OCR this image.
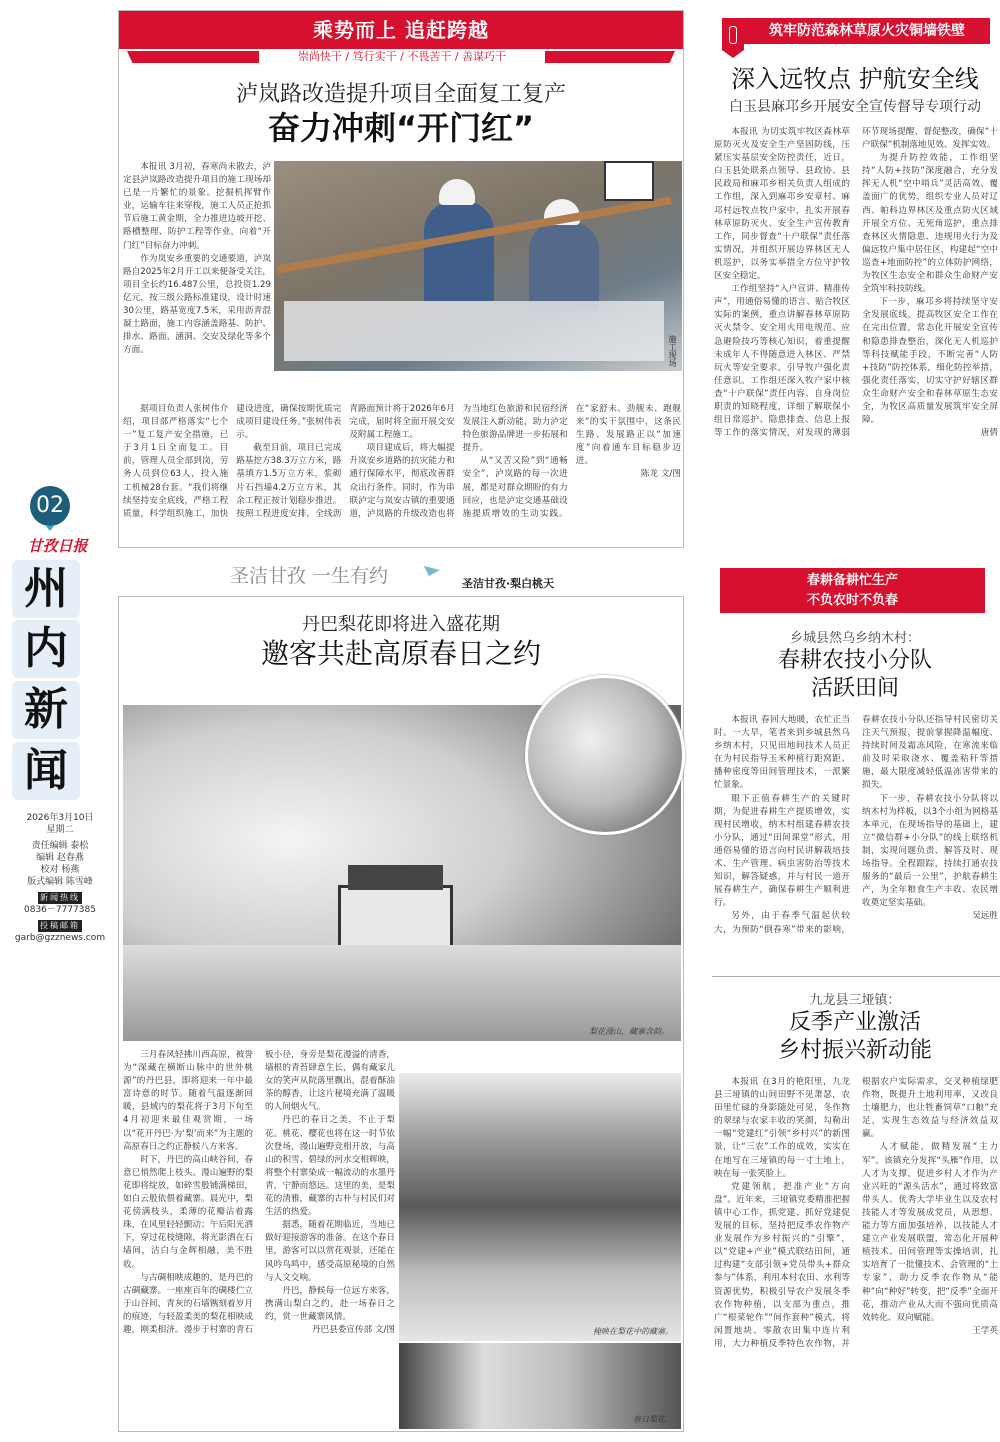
02
甘孜日报
州
内
新
闻
2026年3月10日
星期二
责任编辑 泰松
编辑 赵春燕
校对 杨燕
版式编辑 陈雪峰
新闻热线
0836－7777385
投稿邮箱
garb@gzznews.com
乘势而上 追赶跨越
崇尚快干 / 笃行实干 / 不畏苦干 / 善谋巧干
泸岚路改造提升项目全面复工复产
奋力冲刺“开门红”

本报讯 3月初，春寒尚未散去，泸定县泸岚路改造提升项目的施工现场却已是一片繁忙的景象。挖掘机挥臂作业，运输车往来穿梭，施工人员正抢抓节后施工黄金期，全力推进边坡开挖、路槽整理、防护工程等作业，向着“开门红”目标奋力冲刺。

作为岚安乡重要的交通要道，泸岚路自2025年2月开工以来便备受关注，项目全长约16.487公里，总投资1.29亿元，按三级公路标准建设，设计时速30公里，路基宽度7.5米，采用沥青混凝土路面，施工内容涵盖路基、防护、排水、路面、涵洞、交安及绿化等多个方面。	施工现场

据项目负责人张树伟介绍，项目部严格落实“七个一”复工复产安全措施，已于3月1日全面复工。目前，管理人员全部到岗，劳务人员到位63人，投入施工机械28台套。“我们将继续坚持安全底线，严格工程质量，科学组织施工，加快建设进度，确保按期优质完成项目建设任务。”张树伟表示。

截至目前，项目已完成路基挖方38.3万立方米，路基填方1.5万立方米，浆砌片石挡墙4.2万立方米，其余工程正按计划稳步推进。按照工程进度安排，全线沥青路面预计将于2026年6月完成，届时将全面开展交安及附属工程施工。

项目建成后，将大幅提升岚安乡道路的抗灾能力和通行保障水平，彻底改善群众出行条件。同时，作为串联泸定与岚安古镇的重要通道，泸岚路的升级改造也将为当地红色旅游和民宿经济发展注入新动能，助力泸定特色旅游品牌进一步拓展和提升。

从“又苦又险”到“通畅安全”，泸岚路的每一次进展，都是对群众期盼的有力回应，也是泸定交通基础设施提质增效的生动实践。在“家舒未、劲舰未、跑舰来”的实干氛围中，这条民生路、发展路正以“加速度”向着通车目标稳步迈进。

陈龙 文/图
筑牢防范森林草原火灾铜墙铁壁
深入远牧点 护航安全线
白玉县麻邛乡开展安全宣传督导专项行动

本报讯 为切实筑牢牧区森林草原防灭火及安全生产坚固防线，压紧压实基层安全防控责任，近日，白玉县处联系点领导、县政协、县民政局和麻邛乡相关负责人组成的工作组，深入到麻邛乡安章村、麻邛村远牧点牧户家中，扎实开展春林草原防灭火、安全生产宣传教育工作，同步督查“十户联保”责任落实情况，并组织开展边界林区无人机巡护，以务实举措全方位守护牧区安全稳定。

工作组坚持“入户宣讲、精准传声”，用通俗易懂的语言、贴合牧区实际的案例，重点讲解春林草原防灭火禁令、安全用火用电规范、应急避险技巧等核心知识，着重提醒未成年人不得随意进入林区、严禁玩火等安全要求，引导牧户强化责任意识。工作组还深入牧户家中核查“十户联保”责任内容、自身岗位职责的知晓程度，详细了解联保小组日常巡护、隐患排查、信息上报等工作的落实情况，对发现的薄弱环节现场提醒、督促整改，确保“十户联保”机制落地见效、发挥实效。

为提升防控效能，工作组坚持“人防+技防”深度融合，充分发挥无人机“空中哨兵”灵活高效、覆盖面广的优势，组织专业人员对辽西、帕科边界林区及重点防火区域开展全方位、无死角巡护，重点排查林区火情隐患、违规用火行为及偏远牧户集中居住区，构建起“空中巡查+地面防控”的立体防护网络，为牧区生态安全和群众生命财产安全筑牢科技防线。

下一步，麻邛乡将持续坚守安全发展底线，提高牧区安全工作在在完出位置，常态化开展安全宣传和隐患排查整治，深化无人机巡护等科技赋能手段，不断完善“人防+技防”防控体系，细化防控举措，强化责任落实，切实守护好辖区群众生命财产安全和春林草原生态安全，为牧区高质量发展筑牢安全屏障。

唐倩
圣洁甘孜 一生有约	圣洁甘孜·梨白桃天
丹巴梨花即将进入盛花期
邀客共赴高原春日之约
梨花漫山，藏寨含韵。

三月春风轻拂川西高原，被誉为“深藏在横断山脉中的世外桃源”的丹巴县，即将迎来一年中最富诗意的时节。随着气温逐渐回暖，县域内的梨花将于3月下旬至4月初迎来最佳观赏期，一场以“花开丹巴·为‘梨’而来”为主题的高原春日之约正静候八方来客。

时下，丹巴的高山峡谷间，春意已悄然爬上枝头。漫山遍野的梨花即将绽放，如碎雪般铺满梯田，如白云般依偎着藏寨。晨光中，梨花傍满枝头，柔薄的花瓣沾着露珠，在风里轻轻颤动；午后阳光洒下，穿过花枝缝隙，将光影洒在石墙间，洁白与金辉相融，美不胜收。

与古碉相映成趣的，是丹巴的古碉藏寨。一座座百年的碉楼伫立于山谷间，青灰的石墙镌刻着岁月的痕迹，与轻盈柔美的梨花相映成趣，刚柔相济。漫步于村寨的青石板小径，身旁是梨花漫溢的清香，墙根的青苔肆意生长，偶有藏家儿女的笑声从院落里飘出，混着酥油茶的醇香，让这片秘境充满了温暖的人间烟火气。

丹巴的春日之美，不止于梨花。桃花、樱花也将在这一时节依次登场，漫山遍野竞相开放，与高山的积雪、碧绿的河水交相辉映，将整个村寨染成一幅流动的水墨丹青，宁静而悠远。这里的美，是梨花的清雅，藏寨的古朴与村民们对生活的热爱。

据悉，随着花期临近，当地已做好迎接游客的准备。在这个春日里，游客可以以赏花观景，还能在风吟鸟鸣中，感受高原秘境的自然与人文交响。

丹巴，静候每一位远方来客，携满山梨白之约，赴一场春日之约，赏一世藏寨风情。

丹巴县委宣传部 文/图	掩映在梨花中的藏寨。
春日梨花。
春耕备耕忙生产
不负农时不负春
乡城县然乌乡纳木村：
春耕农技小分队
活跃田间

本报讯 春回大地暖，农忙正当时。一大早，笔者来到乡城县然乌乡纳木村，只见田地间技术人员正在为村民指导玉米种植行距窝距、播种密度等田间管理技术，一派繁忙景象。

眼下正值春耕生产的关键时期，为促进春耕生产提质增效，实现村民增收，纳木村组建春耕农技小分队，通过“田间课堂”形式，用通俗易懂的语言向村民讲解栽培技术、生产管理、病虫害防治等技术知识，解答疑惑，并与村民一道开展春耕生产，确保春耕生产顺利进行。

另外，由于春季气温起伏较大，为预防“倒春寒”带来的影响，春耕农技小分队还指导村民密切关注天气预报，提前掌握降温幅度、持续时间及霜冻风险，在寒流来临前及时采取浇水、覆盖秸秆等措施，最大限度减轻低温冻害带来的损失。

下一步，春耕农技小分队将以纳木村为样板，以3个小组为网格基本单元，在现场指导的基础上，建立“微信群+小分队”的线上联络机制，实现问题负责、解答及时、现场指导。全程跟踪，持续打通农技服务的“最后一公里”，护航春耕生产，为全年粮食生产丰收、农民增收奠定坚实基础。

吴远胜
九龙县三垭镇：
反季产业激活
乡村振兴新动能

本报讯 在3月的艳阳里，九龙县三垭镇的山间田野不见萧瑟，农田里忙碌的身影随处可见，冬作物的翠绿与农家丰收的笑颜，勾勒出一幅“党建红”引领“乡村兴”的新图景，让“三农”工作的成效，实实在在地写在三垭镇的每一寸土地上，映在每一张笑脸上。

党建领航，把准产业“方向盘”。近年来，三垭镇党委精准把握镇中心工作，抓党建、抓好党建促发展的目标，坚持把反季农作物产业发展作为乡村振兴的“引擎”，以“党建+产业”模式联结田间，通过构建“支部引领+党员带头+群众参与”体系，利用本村农田、水利等资源优势，积极引导农户发展冬季农作物种植，以支部为重点，推广“根菜轮作”“间作套种”模式，将闲置地块、零散农田集中连片利用，大力种植反季特色农作物，并根据农户实际需求，交叉种植绿肥作物，既提升土地利用率，又改良土壤肥力，也让牲畜饲草“口粮”充足，实现生态效益与经济效益双赢。

人才赋能，做精发展“主力军”。该镇充分发挥“头雁”作用，以人才为支撑，促进乡村人才作为产业兴旺的“源头活水”，通过将致富带头人、优秀大学毕业生以及农村技能人才等发展成党员，从思想、能力等方面加强培养，以技能人才建立产业发展联盟，常态化开展种植技术、田间管理等实操培训，扎实培育了一批懂技术、会管理的“土专家”，助力反季农作物从“能种”向“种好”转变，把“反季”全面开花，推动产业从大而不强向优质高效转化、双向赋能。

王学英
